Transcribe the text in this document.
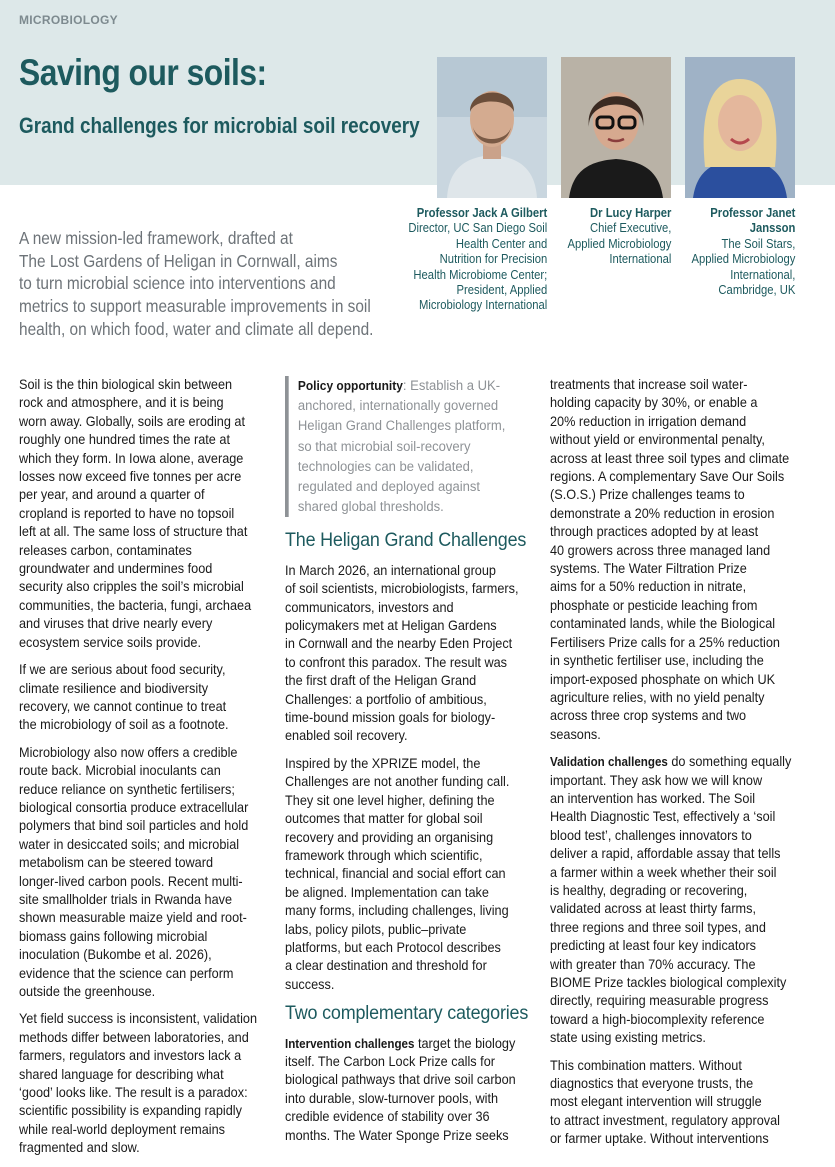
MICROBIOLOGY
Saving our soils:
Grand challenges for microbial soil recovery
Professor Jack A Gilbert
Director, UC San Diego Soil
Health Center and
Nutrition for Precision
Health Microbiome Center;
President, Applied
Microbiology International
Dr Lucy Harper
Chief Executive,
Applied Microbiology
International
Professor Janet
Jansson
The Soil Stars,
Applied Microbiology
International,
Cambridge, UK
A new mission-led framework, drafted at
The Lost Gardens of Heligan in Cornwall, aims
to turn microbial science into interventions and
metrics to support measurable improvements in soil
health, on which food, water and climate all depend.

Soil is the thin biological skin between
rock and atmosphere, and it is being
worn away. Globally, soils are eroding at
roughly one hundred times the rate at
which they form. In Iowa alone, average
losses now exceed five tonnes per acre
per year, and around a quarter of
cropland is reported to have no topsoil
left at all. The same loss of structure that
releases carbon, contaminates
groundwater and undermines food
security also cripples the soil’s microbial
communities, the bacteria, fungi, archaea
and viruses that drive nearly every
ecosystem service soils provide.

If we are serious about food security,
climate resilience and biodiversity
recovery, we cannot continue to treat
the microbiology of soil as a footnote.

Microbiology also now offers a credible
route back. Microbial inoculants can
reduce reliance on synthetic fertilisers;
biological consortia produce extracellular
polymers that bind soil particles and hold
water in desiccated soils; and microbial
metabolism can be steered toward
longer-lived carbon pools. Recent multi-
site smallholder trials in Rwanda have
shown measurable maize yield and root-
biomass gains following microbial
inoculation (Bukombe et al. 2026),
evidence that the science can perform
outside the greenhouse.

Yet field success is inconsistent, validation
methods differ between laboratories, and
farmers, regulators and investors lack a
shared language for describing what
‘good’ looks like. The result is a paradox:
scientific possibility is expanding rapidly
while real-world deployment remains
fragmented and slow.

Policy opportunity: Establish a UK-
anchored, internationally governed
Heligan Grand Challenges platform,
so that microbial soil-recovery
technologies can be validated,
regulated and deployed against
shared global thresholds.
The Heligan Grand Challenges

In March 2026, an international group
of soil scientists, microbiologists, farmers,
communicators, investors and
policymakers met at Heligan Gardens
in Cornwall and the nearby Eden Project
to confront this paradox. The result was
the first draft of the Heligan Grand
Challenges: a portfolio of ambitious,
time-bound mission goals for biology-
enabled soil recovery.

Inspired by the XPRIZE model, the
Challenges are not another funding call.
They sit one level higher, defining the
outcomes that matter for global soil
recovery and providing an organising
framework through which scientific,
technical, financial and social effort can
be aligned. Implementation can take
many forms, including challenges, living
labs, policy pilots, public–private
platforms, but each Protocol describes
a clear destination and threshold for
success.

Two complementary categories

Intervention challenges target the biology
itself. The Carbon Lock Prize calls for
biological pathways that drive soil carbon
into durable, slow-turnover pools, with
credible evidence of stability over 36
months. The Water Sponge Prize seeks

treatments that increase soil water-
holding capacity by 30%, or enable a
20% reduction in irrigation demand
without yield or environmental penalty,
across at least three soil types and climate
regions. A complementary Save Our Soils
(S.O.S.) Prize challenges teams to
demonstrate a 20% reduction in erosion
through practices adopted by at least
40 growers across three managed land
systems. The Water Filtration Prize
aims for a 50% reduction in nitrate,
phosphate or pesticide leaching from
contaminated lands, while the Biological
Fertilisers Prize calls for a 25% reduction
in synthetic fertiliser use, including the
import-exposed phosphate on which UK
agriculture relies, with no yield penalty
across three crop systems and two
seasons.

Validation challenges do something equally
important. They ask how we will know
an intervention has worked. The Soil
Health Diagnostic Test, effectively a ‘soil
blood test’, challenges innovators to
deliver a rapid, affordable assay that tells
a farmer within a week whether their soil
is healthy, degrading or recovering,
validated across at least thirty farms,
three regions and three soil types, and
predicting at least four key indicators
with greater than 70% accuracy. The
BIOME Prize tackles biological complexity
directly, requiring measurable progress
toward a high-biocomplexity reference
state using existing metrics.

This combination matters. Without
diagnostics that everyone trusts, the
most elegant intervention will struggle
to attract investment, regulatory approval
or farmer uptake. Without interventions
